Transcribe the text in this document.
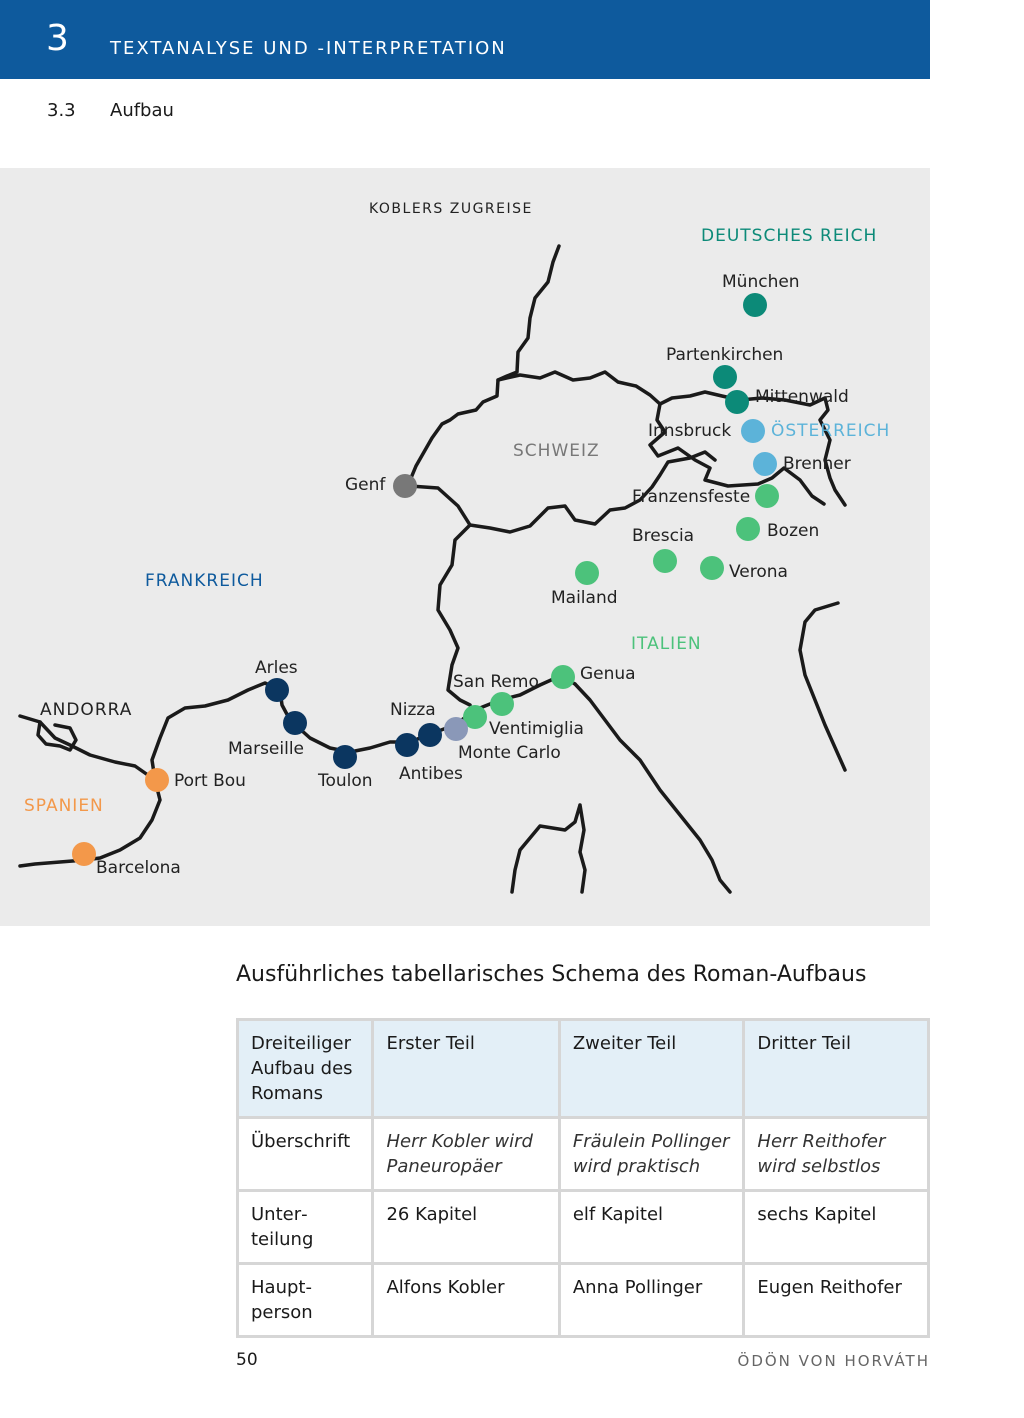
3 TEXTANALYSE UND -INTERPRETATION
3.3 Aufbau
München
Partenkirchen
Mittenwald
Innsbruck
Brenner
Franzensfeste
Bozen
Brescia
Verona
Mailand
Genua
San Remo
Ventimiglia
Monte Carlo
Nizza
Antibes
Toulon
Marseille
Arles
Port Bou
Barcelona
Genf
KOBLERS ZUGREISE
DEUTSCHES REICH
ÖSTERREICH
SCHWEIZ
FRANKREICH
ITALIEN
ANDORRA
SPANIEN
Ausführliches tabellarisches Schema des Roman-Aufbaus
Dreiteiliger Aufbau des Romans	Erster Teil	Zweiter Teil	Dritter Teil
Überschrift	Herr Kobler wird Paneuropäer	Fräulein Pollinger wird praktisch	Herr Reithofer wird selbstlos
Unterteilung	26 Kapitel	elf Kapitel	sechs Kapitel
Hauptperson	Alfons Kobler	Anna Pollinger	Eugen Reithofer
50	ÖDÖN VON HORVÁTH
